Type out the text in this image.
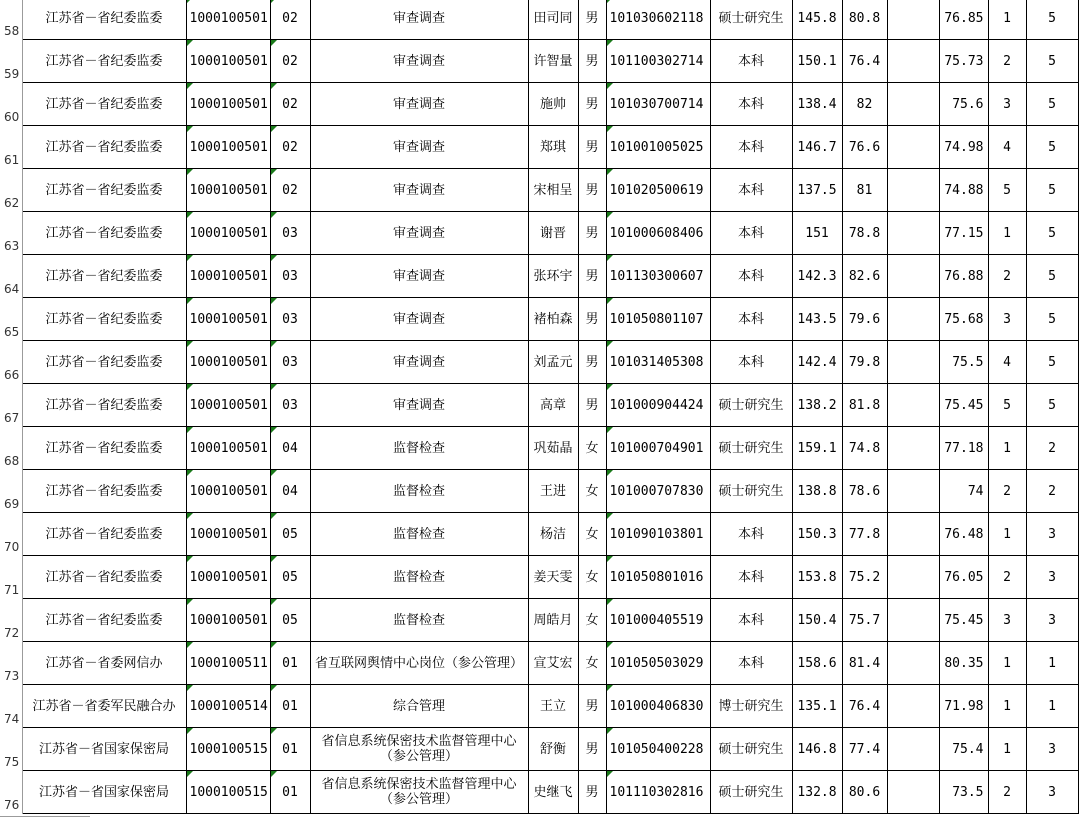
58	江苏省－省纪委监委	1000100501	02	审查调查	田司同	男	101030602118	硕士研究生	145.8	80.8		76.85	1	5
59	江苏省－省纪委监委	1000100501	02	审查调查	许智量	男	101100302714	本科	150.1	76.4		75.73	2	5
60	江苏省－省纪委监委	1000100501	02	审查调查	施帅	男	101030700714	本科	138.4	82		75.6	3	5
61	江苏省－省纪委监委	1000100501	02	审查调查	郑琪	男	101001005025	本科	146.7	76.6		74.98	4	5
62	江苏省－省纪委监委	1000100501	02	审查调查	宋相呈	男	101020500619	本科	137.5	81		74.88	5	5
63	江苏省－省纪委监委	1000100501	03	审查调查	谢晋	男	101000608406	本科	151	78.8		77.15	1	5
64	江苏省－省纪委监委	1000100501	03	审查调查	张环宇	男	101130300607	本科	142.3	82.6		76.88	2	5
65	江苏省－省纪委监委	1000100501	03	审查调查	褚柏森	男	101050801107	本科	143.5	79.6		75.68	3	5
66	江苏省－省纪委监委	1000100501	03	审查调查	刘孟元	男	101031405308	本科	142.4	79.8		75.5	4	5
67	江苏省－省纪委监委	1000100501	03	审查调查	高章	男	101000904424	硕士研究生	138.2	81.8		75.45	5	5
68	江苏省－省纪委监委	1000100501	04	监督检查	巩茹晶	女	101000704901	硕士研究生	159.1	74.8		77.18	1	2
69	江苏省－省纪委监委	1000100501	04	监督检查	王进	女	101000707830	硕士研究生	138.8	78.6		74	2	2
70	江苏省－省纪委监委	1000100501	05	监督检查	杨洁	女	101090103801	本科	150.3	77.8		76.48	1	3
71	江苏省－省纪委监委	1000100501	05	监督检查	姜天雯	女	101050801016	本科	153.8	75.2		76.05	2	3
72	江苏省－省纪委监委	1000100501	05	监督检查	周皓月	女	101000405519	本科	150.4	75.7		75.45	3	3
73	江苏省－省委网信办	1000100511	01	省互联网舆情中心岗位（参公管理）	宣艾宏	女	101050503029	本科	158.6	81.4		80.35	1	1
74	江苏省－省委军民融合办	1000100514	01	综合管理	王立	男	101000406830	博士研究生	135.1	76.4		71.98	1	1
75	江苏省－省国家保密局	1000100515	01	省信息系统保密技术监督管理中心（参公管理）	舒衡	男	101050400228	硕士研究生	146.8	77.4		75.4	1	3
76	江苏省－省国家保密局	1000100515	01	省信息系统保密技术监督管理中心（参公管理）	史继飞	男	101110302816	硕士研究生	132.8	80.6		73.5	2	3
